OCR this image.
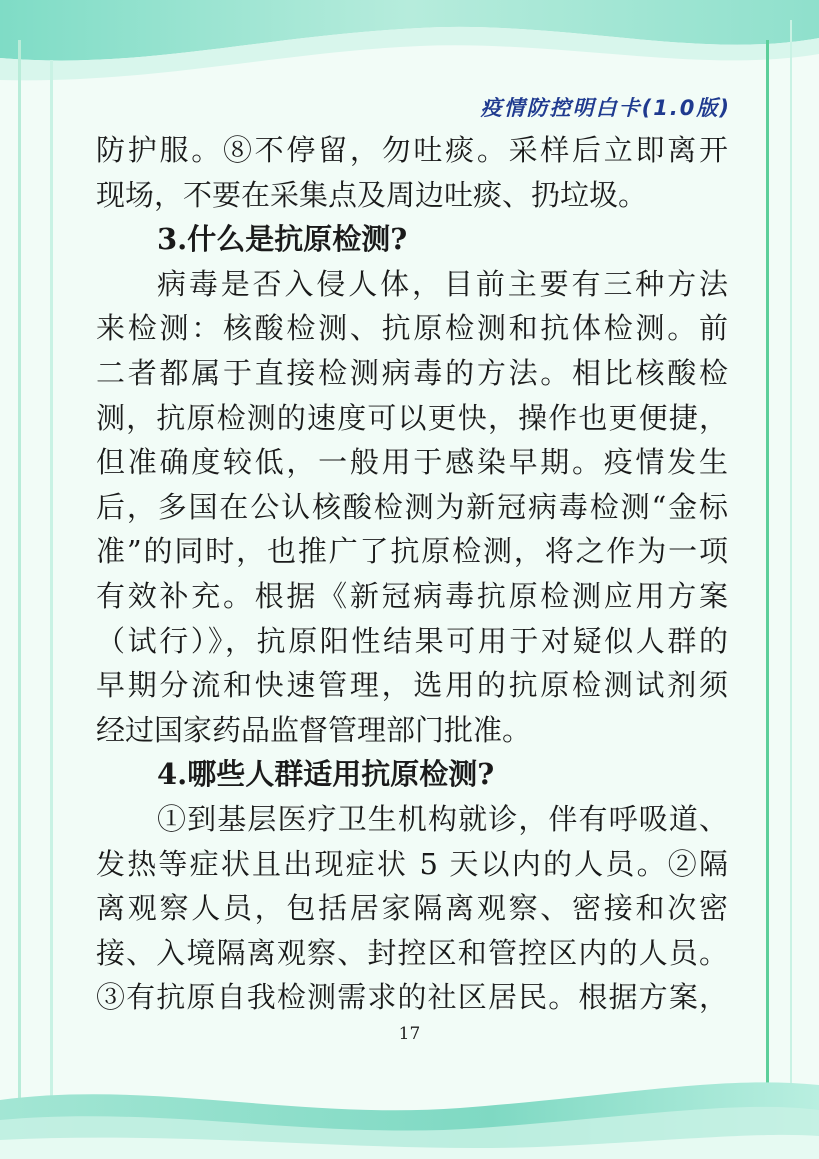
疫情防控明白卡(1.0版)
防护服。⑧不停留，勿吐痰。采样后立即离开
现场，不要在采集点及周边吐痰、扔垃圾。
3.什么是抗原检测?
病毒是否入侵人体，目前主要有三种方法
来检测：核酸检测、抗原检测和抗体检测。前
二者都属于直接检测病毒的方法。相比核酸检
测，抗原检测的速度可以更快，操作也更便捷，
但准确度较低，一般用于感染早期。疫情发生
后，多国在公认核酸检测为新冠病毒检测“金标
准”的同时，也推广了抗原检测，将之作为一项
有效补充。根据《新冠病毒抗原检测应用方案
（试行）》，抗原阳性结果可用于对疑似人群的
早期分流和快速管理，选用的抗原检测试剂须
经过国家药品监督管理部门批准。
4.哪些人群适用抗原检测?
①到基层医疗卫生机构就诊，伴有呼吸道、
发热等症状且出现症状 5 天以内的人员。②隔
离观察人员，包括居家隔离观察、密接和次密
接、入境隔离观察、封控区和管控区内的人员。
③有抗原自我检测需求的社区居民。根据方案，
17
